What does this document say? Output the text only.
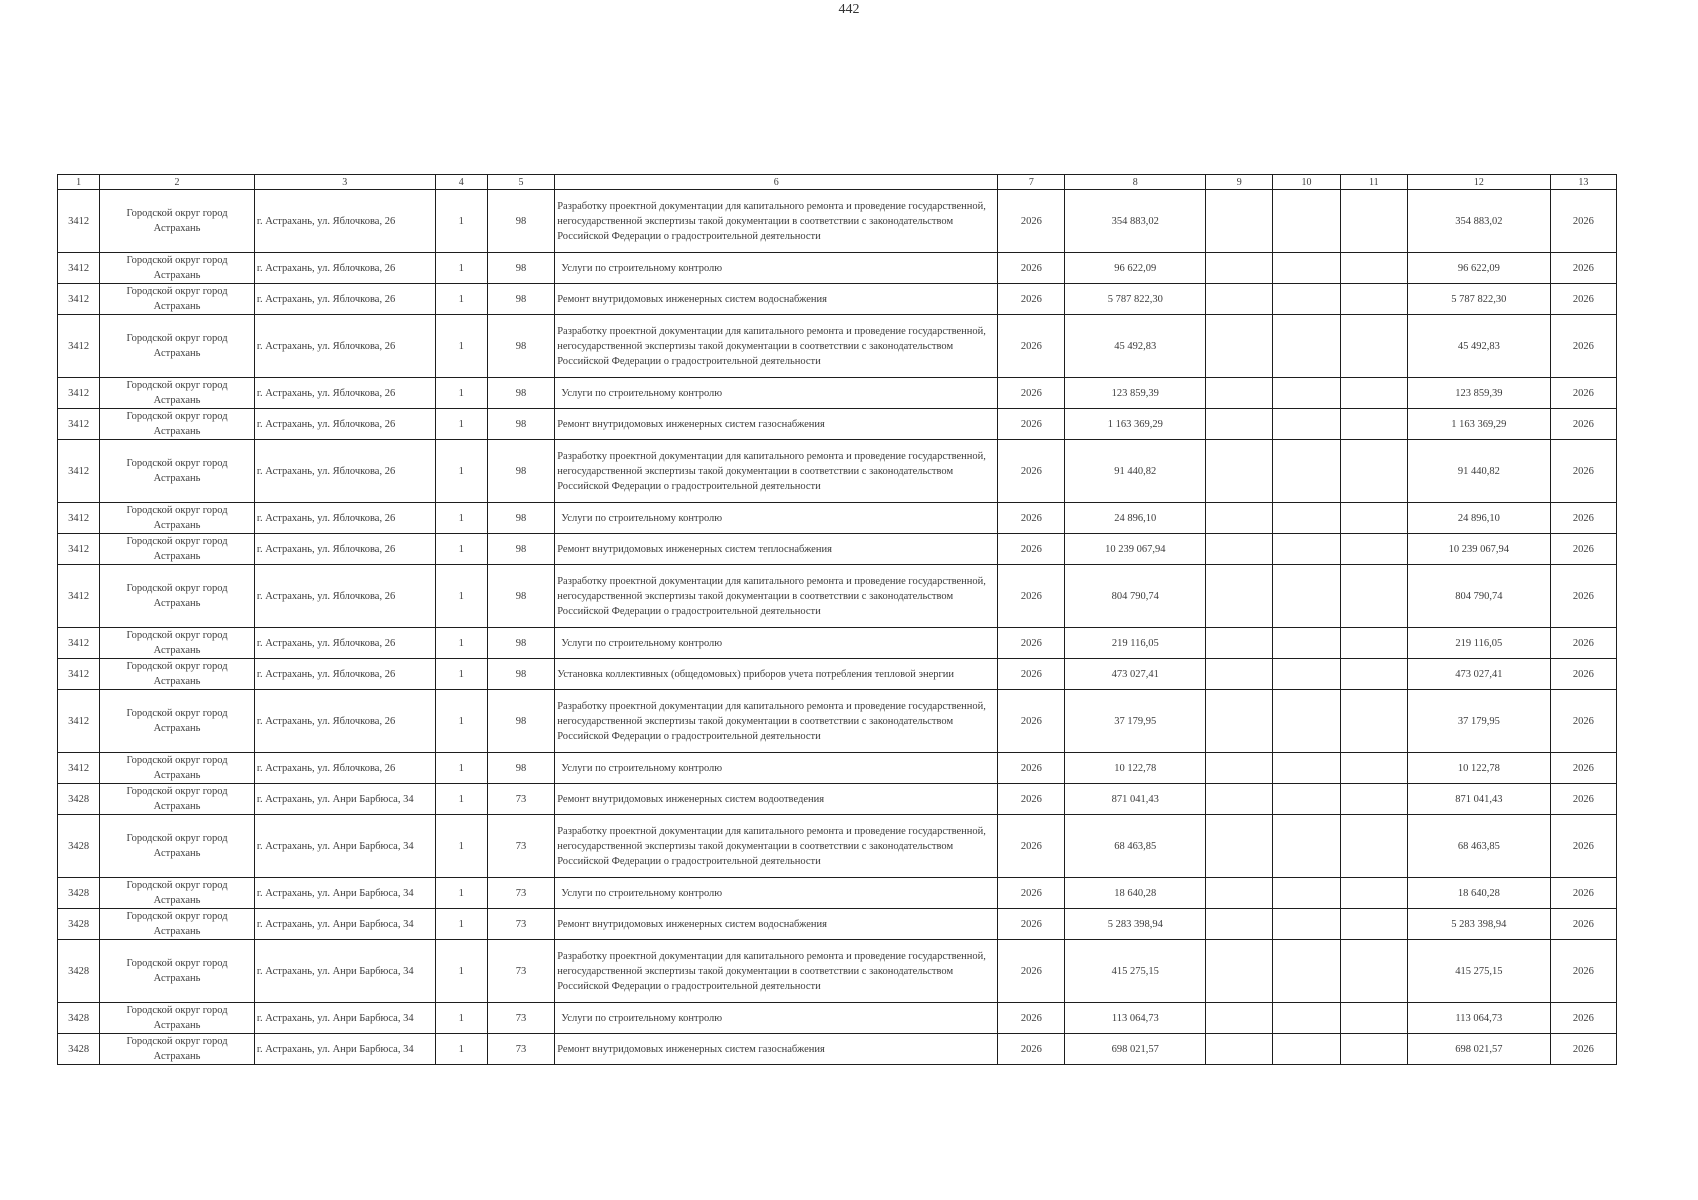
442
1	2	3	4	5	6	7	8	9	10	11	12	13
3412	Городской округ город Астрахань	г. Астрахань, ул. Яблочкова, 26	1	98	Разработку проектной документации для капитального ремонта и проведение государственной, негосударственной экспертизы такой документации в соответствии с законодательством Российской Федерации о градостроительной деятельности	2026	354 883,02				354 883,02	2026
3412	Городской округ город Астрахань	г. Астрахань, ул. Яблочкова, 26	1	98	Услуги по строительному контролю	2026	96 622,09				96 622,09	2026
3412	Городской округ город Астрахань	г. Астрахань, ул. Яблочкова, 26	1	98	Ремонт внутридомовых инженерных систем водоснабжения	2026	5 787 822,30				5 787 822,30	2026
3412	Городской округ город Астрахань	г. Астрахань, ул. Яблочкова, 26	1	98	Разработку проектной документации для капитального ремонта и проведение государственной, негосударственной экспертизы такой документации в соответствии с законодательством Российской Федерации о градостроительной деятельности	2026	45 492,83				45 492,83	2026
3412	Городской округ город Астрахань	г. Астрахань, ул. Яблочкова, 26	1	98	Услуги по строительному контролю	2026	123 859,39				123 859,39	2026
3412	Городской округ город Астрахань	г. Астрахань, ул. Яблочкова, 26	1	98	Ремонт внутридомовых инженерных систем газоснабжения	2026	1 163 369,29				1 163 369,29	2026
3412	Городской округ город Астрахань	г. Астрахань, ул. Яблочкова, 26	1	98	Разработку проектной документации для капитального ремонта и проведение государственной, негосударственной экспертизы такой документации в соответствии с законодательством Российской Федерации о градостроительной деятельности	2026	91 440,82				91 440,82	2026
3412	Городской округ город Астрахань	г. Астрахань, ул. Яблочкова, 26	1	98	Услуги по строительному контролю	2026	24 896,10				24 896,10	2026
3412	Городской округ город Астрахань	г. Астрахань, ул. Яблочкова, 26	1	98	Ремонт внутридомовых инженерных систем теплоснабжения	2026	10 239 067,94				10 239 067,94	2026
3412	Городской округ город Астрахань	г. Астрахань, ул. Яблочкова, 26	1	98	Разработку проектной документации для капитального ремонта и проведение государственной, негосударственной экспертизы такой документации в соответствии с законодательством Российской Федерации о градостроительной деятельности	2026	804 790,74				804 790,74	2026
3412	Городской округ город Астрахань	г. Астрахань, ул. Яблочкова, 26	1	98	Услуги по строительному контролю	2026	219 116,05				219 116,05	2026
3412	Городской округ город Астрахань	г. Астрахань, ул. Яблочкова, 26	1	98	Установка коллективных (общедомовых) приборов учета потребления тепловой энергии	2026	473 027,41				473 027,41	2026
3412	Городской округ город Астрахань	г. Астрахань, ул. Яблочкова, 26	1	98	Разработку проектной документации для капитального ремонта и проведение государственной, негосударственной экспертизы такой документации в соответствии с законодательством Российской Федерации о градостроительной деятельности	2026	37 179,95				37 179,95	2026
3412	Городской округ город Астрахань	г. Астрахань, ул. Яблочкова, 26	1	98	Услуги по строительному контролю	2026	10 122,78				10 122,78	2026
3428	Городской округ город Астрахань	г. Астрахань, ул. Анри Барбюса, 34	1	73	Ремонт внутридомовых инженерных систем водоотведения	2026	871 041,43				871 041,43	2026
3428	Городской округ город Астрахань	г. Астрахань, ул. Анри Барбюса, 34	1	73	Разработку проектной документации для капитального ремонта и проведение государственной, негосударственной экспертизы такой документации в соответствии с законодательством Российской Федерации о градостроительной деятельности	2026	68 463,85				68 463,85	2026
3428	Городской округ город Астрахань	г. Астрахань, ул. Анри Барбюса, 34	1	73	Услуги по строительному контролю	2026	18 640,28				18 640,28	2026
3428	Городской округ город Астрахань	г. Астрахань, ул. Анри Барбюса, 34	1	73	Ремонт внутридомовых инженерных систем водоснабжения	2026	5 283 398,94				5 283 398,94	2026
3428	Городской округ город Астрахань	г. Астрахань, ул. Анри Барбюса, 34	1	73	Разработку проектной документации для капитального ремонта и проведение государственной, негосударственной экспертизы такой документации в соответствии с законодательством Российской Федерации о градостроительной деятельности	2026	415 275,15				415 275,15	2026
3428	Городской округ город Астрахань	г. Астрахань, ул. Анри Барбюса, 34	1	73	Услуги по строительному контролю	2026	113 064,73				113 064,73	2026
3428	Городской округ город Астрахань	г. Астрахань, ул. Анри Барбюса, 34	1	73	Ремонт внутридомовых инженерных систем газоснабжения	2026	698 021,57				698 021,57	2026
